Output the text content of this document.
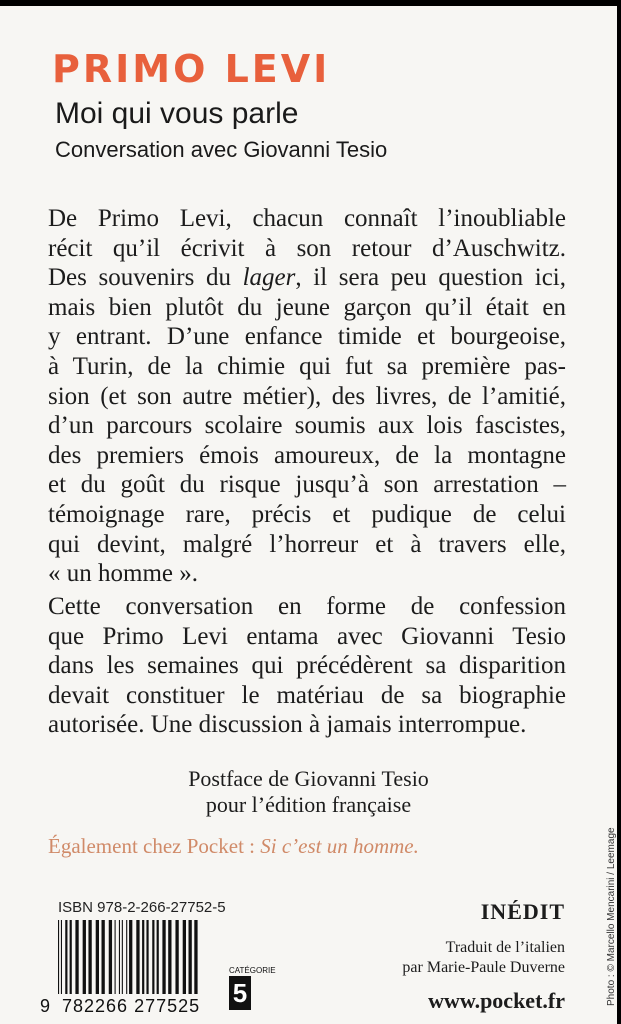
PRIMO LEVI
Moi qui vous parle
Conversation avec Giovanni Tesio
De Primo Levi, chacun connaît l’inoubliable
récit qu’il écrivit à son retour d’Auschwitz.
Des souvenirs du lager, il sera peu question ici,
mais bien plutôt du jeune garçon qu’il était en
y entrant. D’une enfance timide et bourgeoise,
à Turin, de la chimie qui fut sa première pas-
sion (et son autre métier), des livres, de l’amitié,
d’un parcours scolaire soumis aux lois fascistes,
des premiers émois amoureux, de la montagne
et du goût du risque jusqu’à son arrestation –
témoignage rare, précis et pudique de celui
qui devint, malgré l’horreur et à travers elle,
« un homme ».
Cette conversation en forme de confession
que Primo Levi entama avec Giovanni Tesio
dans les semaines qui précédèrent sa disparition
devait constituer le matériau de sa biographie
autorisée. Une discussion à jamais interrompue.
Postface de Giovanni Tesio
pour l’édition française
Également chez Pocket : Si c’est un homme.
ISBN 978-2-266-27752-5
9 782266 277525
CATÉGORIE
5
INÉDIT
Traduit de l’italien
par Marie-Paule Duverne
www.pocket.fr	Photo : © Marcello Mencarini / Leemage
